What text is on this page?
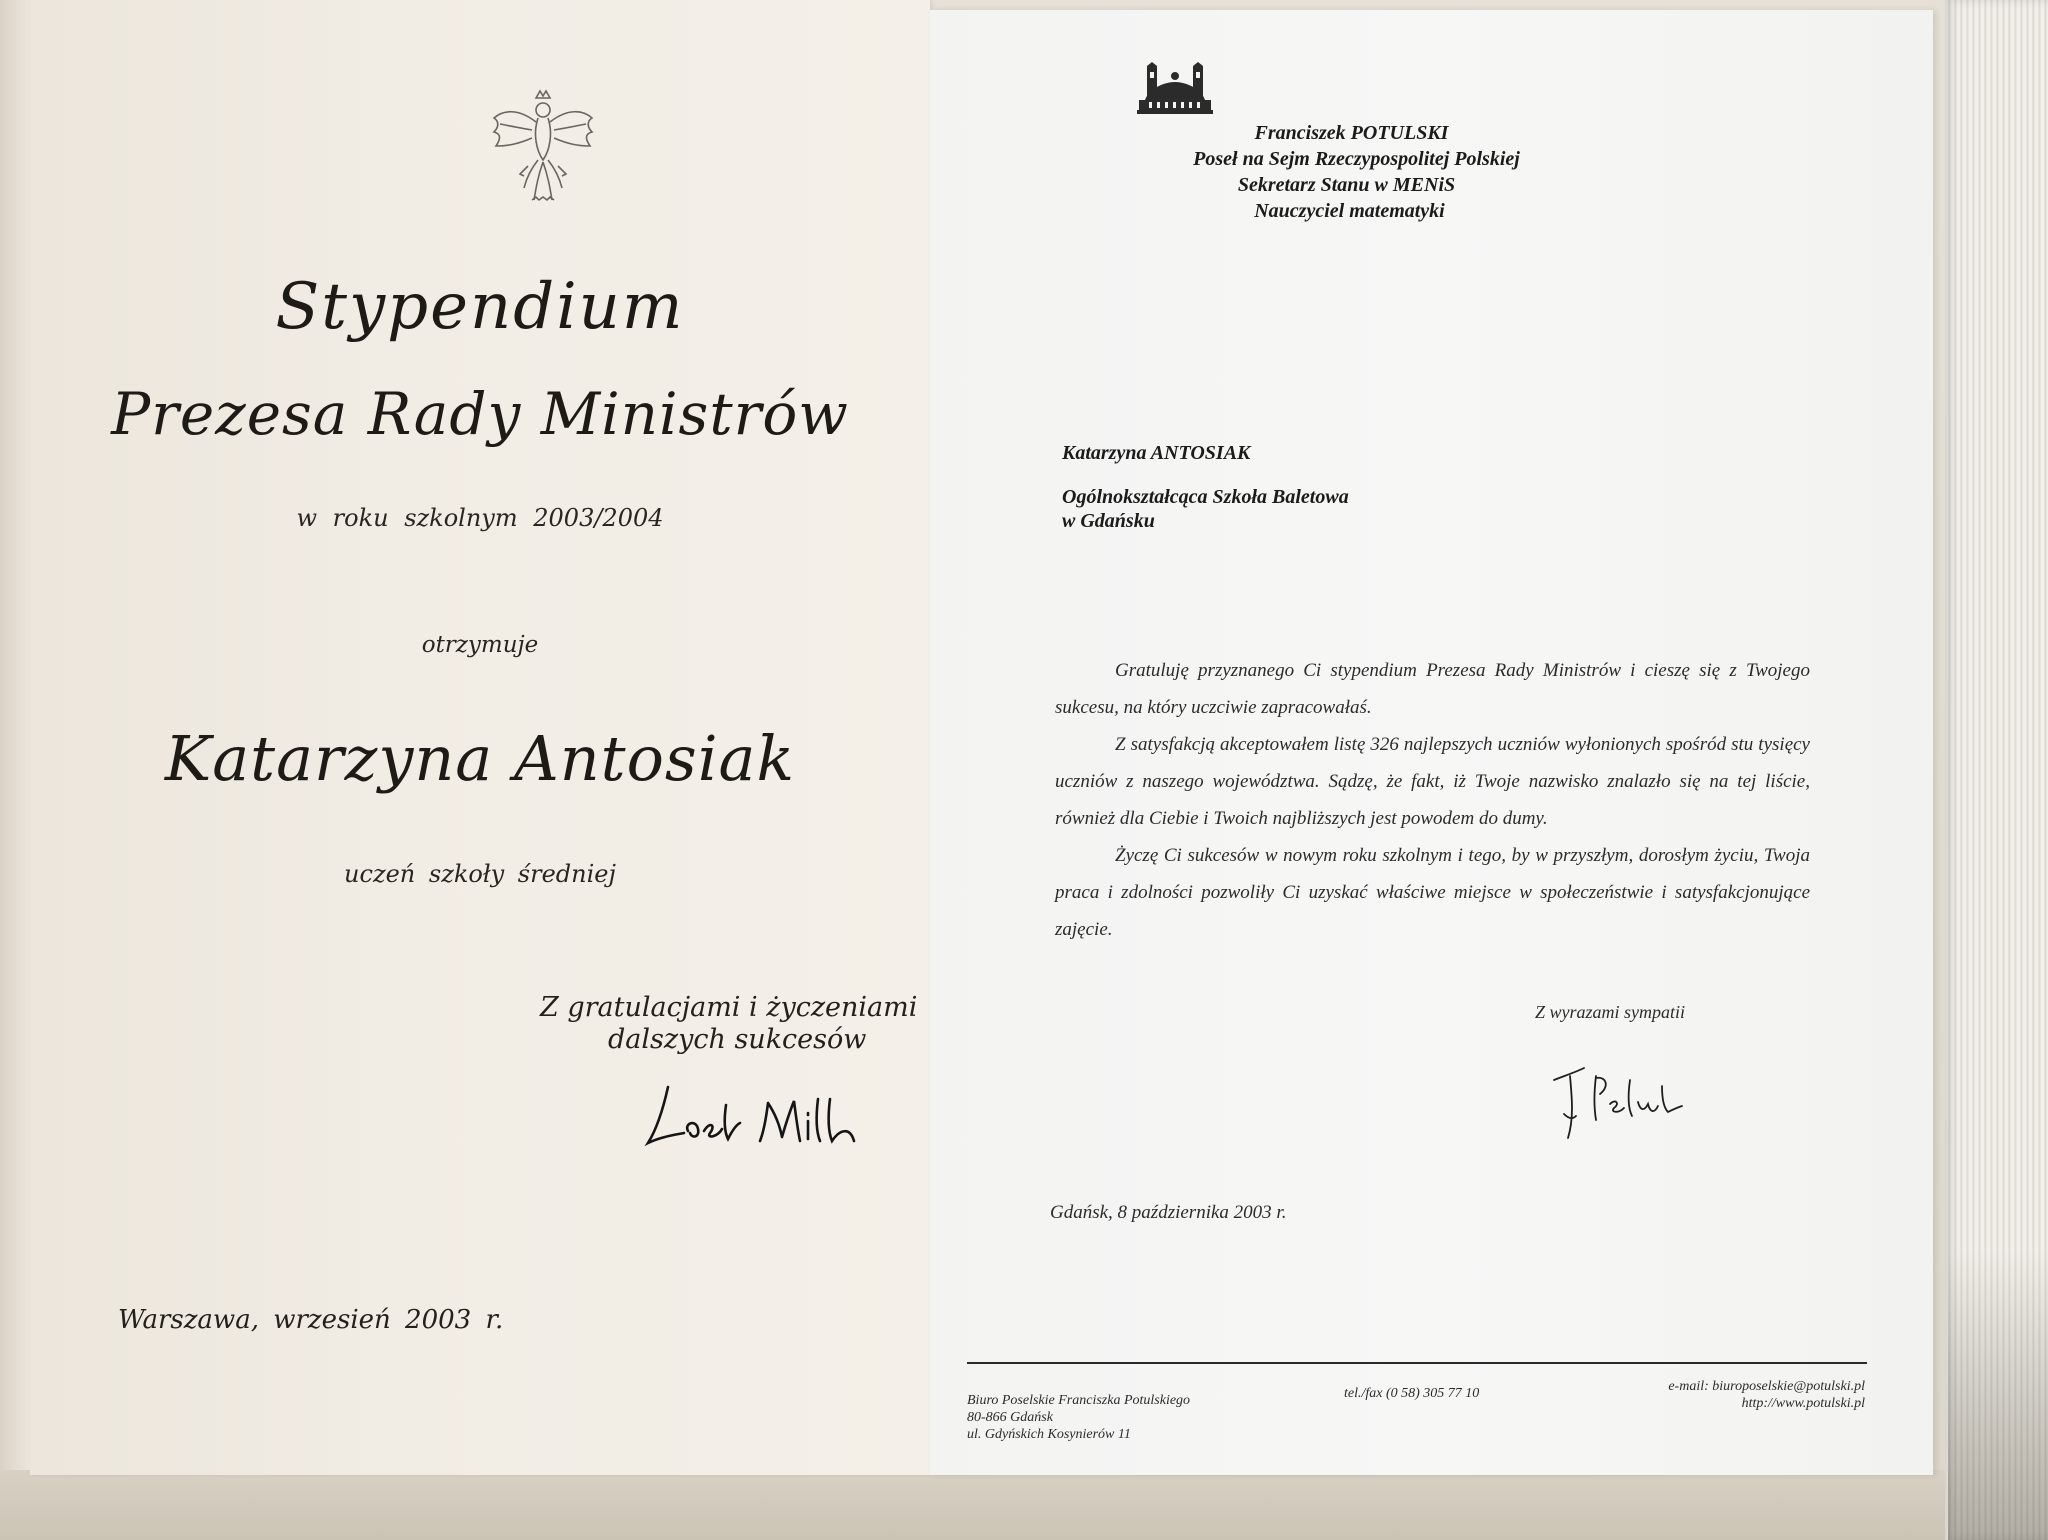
Stypendium
Prezesa Rady Ministrów
w roku szkolnym 2003/2004
otrzymuje
Katarzyna Antosiak
uczeń szkoły średniej
Z gratulacjami i życzeniami
dalszych sukcesów
Warszawa, wrzesień 2003 r.
Franciszek POTULSKI
Poseł na Sejm Rzeczypospolitej Polskiej
Sekretarz Stanu w MENiS
Nauczyciel matematyki
Katarzyna ANTOSIAK
Ogólnokształcąca Szkoła Baletowa
w Gdańsku

Gratuluję przyznanego Ci stypendium Prezesa Rady Ministrów i cieszę się z Twojego sukcesu, na który uczciwie zapracowałaś.

Z satysfakcją akceptowałem listę 326 najlepszych uczniów wyłonionych spośród stu tysięcy uczniów z naszego województwa. Sądzę, że fakt, iż Twoje nazwisko znalazło się na tej liście, również dla Ciebie i Twoich najbliższych jest powodem do dumy.

Życzę Ci sukcesów w nowym roku szkolnym i tego, by w przyszłym, dorosłym życiu, Twoja praca i zdolności pozwoliły Ci uzyskać właściwe miejsce w społeczeństwie i satysfakcjonujące zajęcie.

Z wyrazami sympatii
Gdańsk, 8 października 2003 r.
Biuro Poselskie Franciszka Potulskiego
80-866 Gdańsk
ul. Gdyńskich Kosynierów 11
tel./fax (0 58) 305 77 10	e-mail: biuroposelskie@potulski.pl
http://www.potulski.pl
